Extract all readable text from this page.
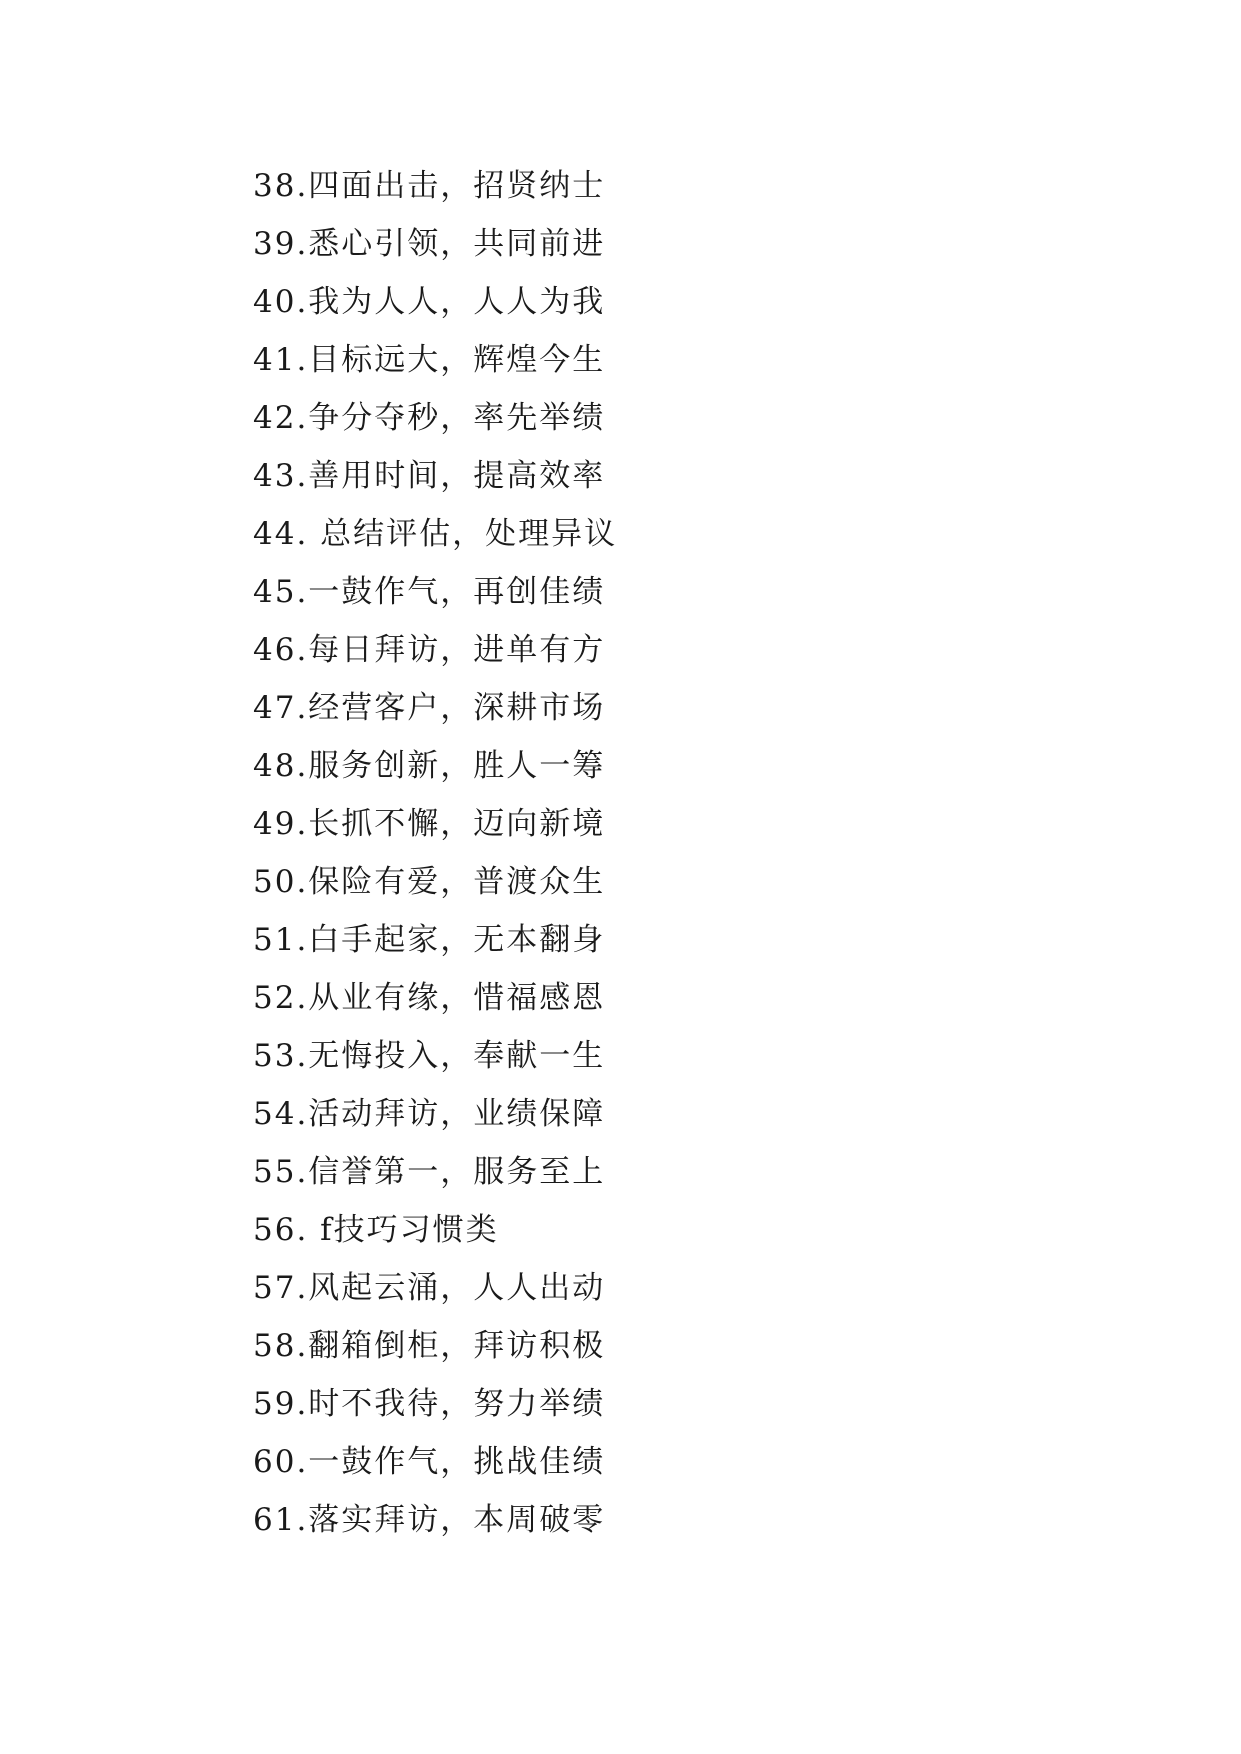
38.四面出击，招贤纳士
39.悉心引领，共同前进
40.我为人人，人人为我
41.目标远大，辉煌今生
42.争分夺秒，率先举绩
43.善用时间，提高效率
44. 总结评估，处理异议
45.一鼓作气，再创佳绩
46.每日拜访，进单有方
47.经营客户，深耕市场
48.服务创新，胜人一筹
49.长抓不懈，迈向新境
50.保险有爱，普渡众生
51.白手起家，无本翻身
52.从业有缘，惜福感恩
53.无悔投入，奉献一生
54.活动拜访，业绩保障
55.信誉第一，服务至上
56. f技巧习惯类
57.风起云涌，人人出动
58.翻箱倒柜，拜访积极
59.时不我待，努力举绩
60.一鼓作气，挑战佳绩
61.落实拜访，本周破零
